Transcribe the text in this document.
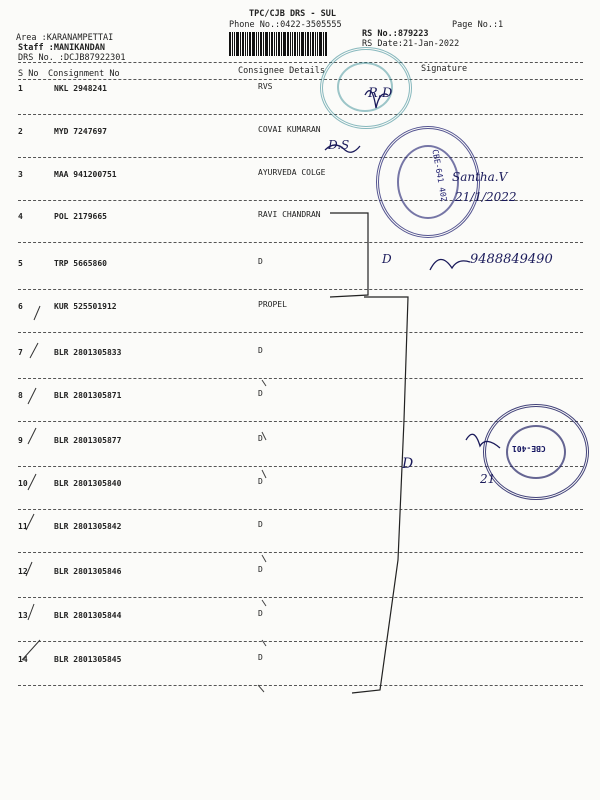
TPC/CJB DRS - SUL
Phone No.:0422-3505555	Page No.:1
RS No.:879223
RS Date:21-Jan-2022
Area :KARANAMPETTAI
Staff :MANIKANDAN
DRS No. :DCJB87922301
S No Consignment No	Consignee Details	Signature
1	NKL 2948241	RVS
2	MYD 7247697	COVAI KUMARAN
3	MAA 941200751	AYURVEDA COLGE
4	POL 2179665	RAVI CHANDRAN
5	TRP 5665860	D
6	KUR 525501912	PROPEL
7	BLR 2801305833	D
8	BLR 2801305871	D
9	BLR 2801305877	D
10	BLR 2801305840	D
11	BLR 2801305842	D
12	BLR 2801305846	D
13	BLR 2801305844	D
14	BLR 2801305845	D
CBE-641 402
CBE-401
R.D
D.S
Santha.V
21/1/2022
D	9488849490
D
21
